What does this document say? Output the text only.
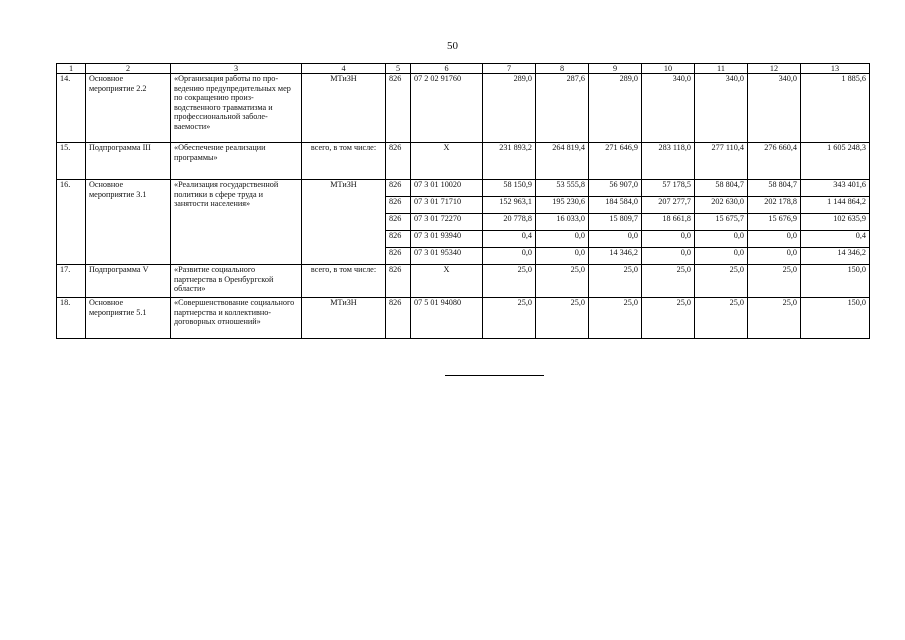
50
1	2	3	4	5	6	7	8	9	10	11	12	13
14.	Основное мероприятие 2.2	«Организация работы по про-ведению предупредительных мер по сокращению произ-водственного травматизма и профессиональной заболе-ваемости»	МТиЗН	826	07 2 02 91760	289,0	287,6	289,0	340,0	340,0	340,0	1 885,6
15.	Подпрограмма III	«Обеспечение реализации программы»	всего, в том числе:	826	Х	231 893,2	264 819,4	271 646,9	283 118,0	277 110,4	276 660,4	1 605 248,3
16.	Основное мероприятие 3.1	«Реализация государственной политики в сфере труда и занятости населения»	МТиЗН	826	07 3 01 10020	58 150,9	53 555,8	56 907,0	57 178,5	58 804,7	58 804,7	343 401,6
				826	07 3 01 71710	152 963,1	195 230,6	184 584,0	207 277,7	202 630,0	202 178,8	1 144 864,2
				826	07 3 01 72270	20 778,8	16 033,0	15 809,7	18 661,8	15 675,7	15 676,9	102 635,9
				826	07 3 01 93940	0,4	0,0	0,0	0,0	0,0	0,0	0,4
				826	07 3 01 95340	0,0	0,0	14 346,2	0,0	0,0	0,0	14 346,2
17.	Подпрограмма V	«Развитие социального партнерства в Оренбургской области»	всего, в том числе:	826	Х	25,0	25,0	25,0	25,0	25,0	25,0	150,0
18.	Основное мероприятие 5.1	«Совершенствование социального партнерства и коллективно-договорных отношений»	МТиЗН	826	07 5 01 94080	25,0	25,0	25,0	25,0	25,0	25,0	150,0
